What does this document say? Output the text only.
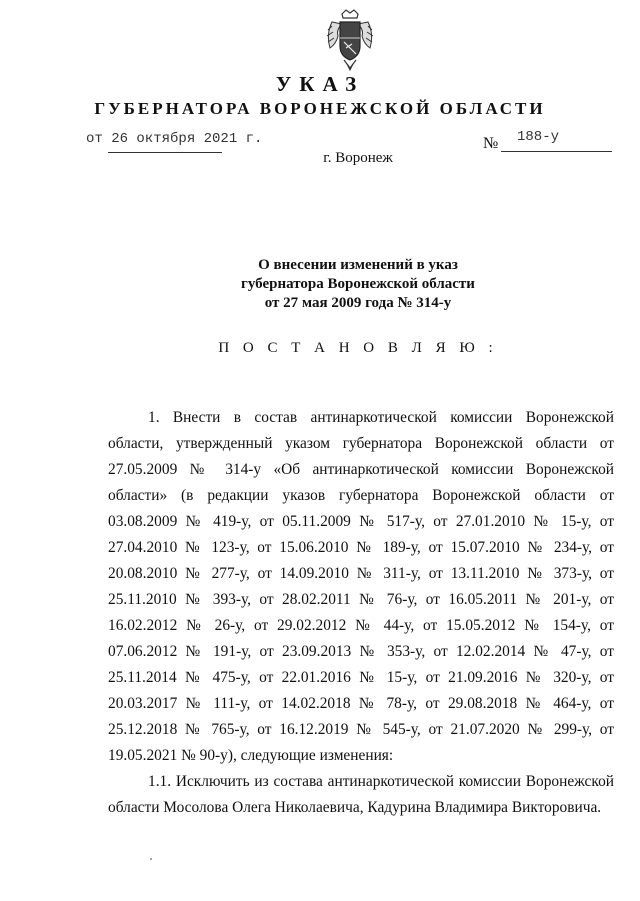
УКАЗ
ГУБЕРНАТОРА ВОРОНЕЖСКОЙ ОБЛАСТИ
от 26 октября 2021 г.	№ 188-у
г. Воронеж
О внесении изменений в указ
губернатора Воронежской области
от 27 мая 2009 года № 314-у
П О С Т А Н О В Л Я Ю :

1. Внести в состав антинаркотической комиссии Воронежской области, утвержденный указом губернатора Воронежской области от 27.05.2009 № 314-у «Об антинаркотической комиссии Воронежской области» (в редакции указов губернатора Воронежской области от 03.08.2009 № 419-у, от 05.11.2009 № 517-у, от 27.01.2010 № 15-у, от 27.04.2010 № 123-у, от 15.06.2010 № 189-у, от 15.07.2010 № 234-у, от 20.08.2010 № 277-у, от 14.09.2010 № 311-у, от 13.11.2010 № 373-у, от 25.11.2010 № 393-у, от 28.02.2011 № 76-у, от 16.05.2011 № 201-у, от 16.02.2012 № 26-у, от 29.02.2012 № 44-у, от 15.05.2012 № 154-у, от 07.06.2012 № 191-у, от 23.09.2013 № 353-у, от 12.02.2014 № 47-у, от 25.11.2014 № 475-у, от 22.01.2016 № 15-у, от 21.09.2016 № 320-у, от 20.03.2017 № 111-у, от 14.02.2018 № 78-у, от 29.08.2018 № 464-у, от 25.12.2018 № 765-у, от 16.12.2019 № 545-у, от 21.07.2020 № 299-у, от 19.05.2021 № 90-у), следующие изменения:

1.1. Исключить из состава антинаркотической комиссии Воронежской области Мосолова Олега Николаевича, Кадурина Владимира Викторовича.
